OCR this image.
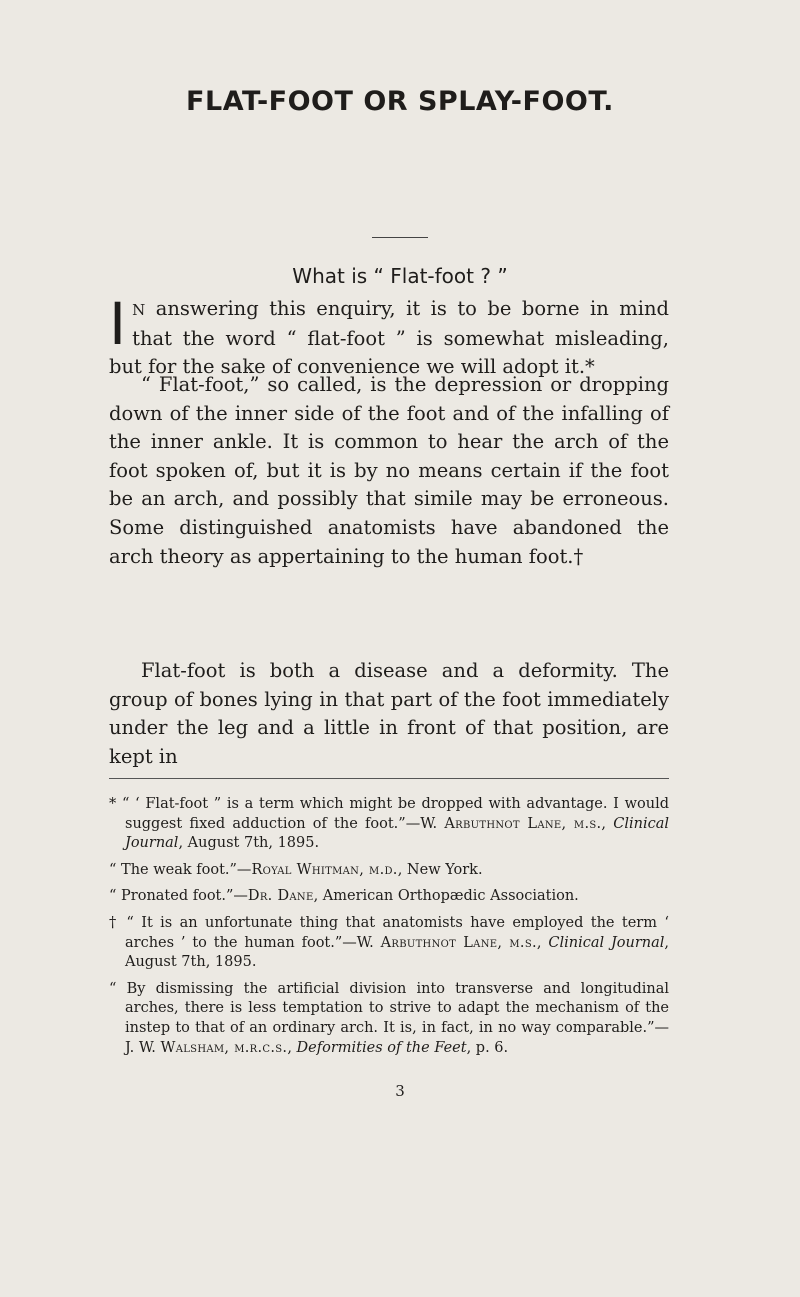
FLAT-FOOT OR SPLAY-FOOT.
What is “ Flat-foot ? ”

IN answering this enquiry, it is to be borne in mind that the word “ flat-foot ” is somewhat misleading, but for the sake of convenience we will adopt it.*

“ Flat-foot,” so called, is the depression or dropping down of the inner side of the foot and of the infalling of the inner ankle. It is common to hear the arch of the foot spoken of, but it is by no means certain if the foot be an arch, and possibly that simile may be erroneous. Some distinguished anatomists have abandoned the arch theory as appertaining to the human foot.†

Flat-foot is both a disease and a deformity. The group of bones lying in that part of the foot immediately under the leg and a little in front of that position, are kept in

* “ ‘ Flat-foot ” is a term which might be dropped with advantage. I would suggest fixed adduction of the foot.”—W. Arbuthnot Lane, m.s., Clinical Journal, August 7th, 1895.

“ The weak foot.”—Royal Whitman, m.d., New York.

“ Pronated foot.”—Dr. Dane, American Orthopædic Association.

† “ It is an unfortunate thing that anatomists have employed the term ‘ arches ’ to the human foot.”—W. Arbuthnot Lane, m.s., Clinical Journal, August 7th, 1895.

“ By dismissing the artificial division into transverse and longitudinal arches, there is less temptation to strive to adapt the mechanism of the instep to that of an ordinary arch. It is, in fact, in no way comparable.”—J. W. Walsham, m.r.c.s., Deformities of the Feet, p. 6.

3
